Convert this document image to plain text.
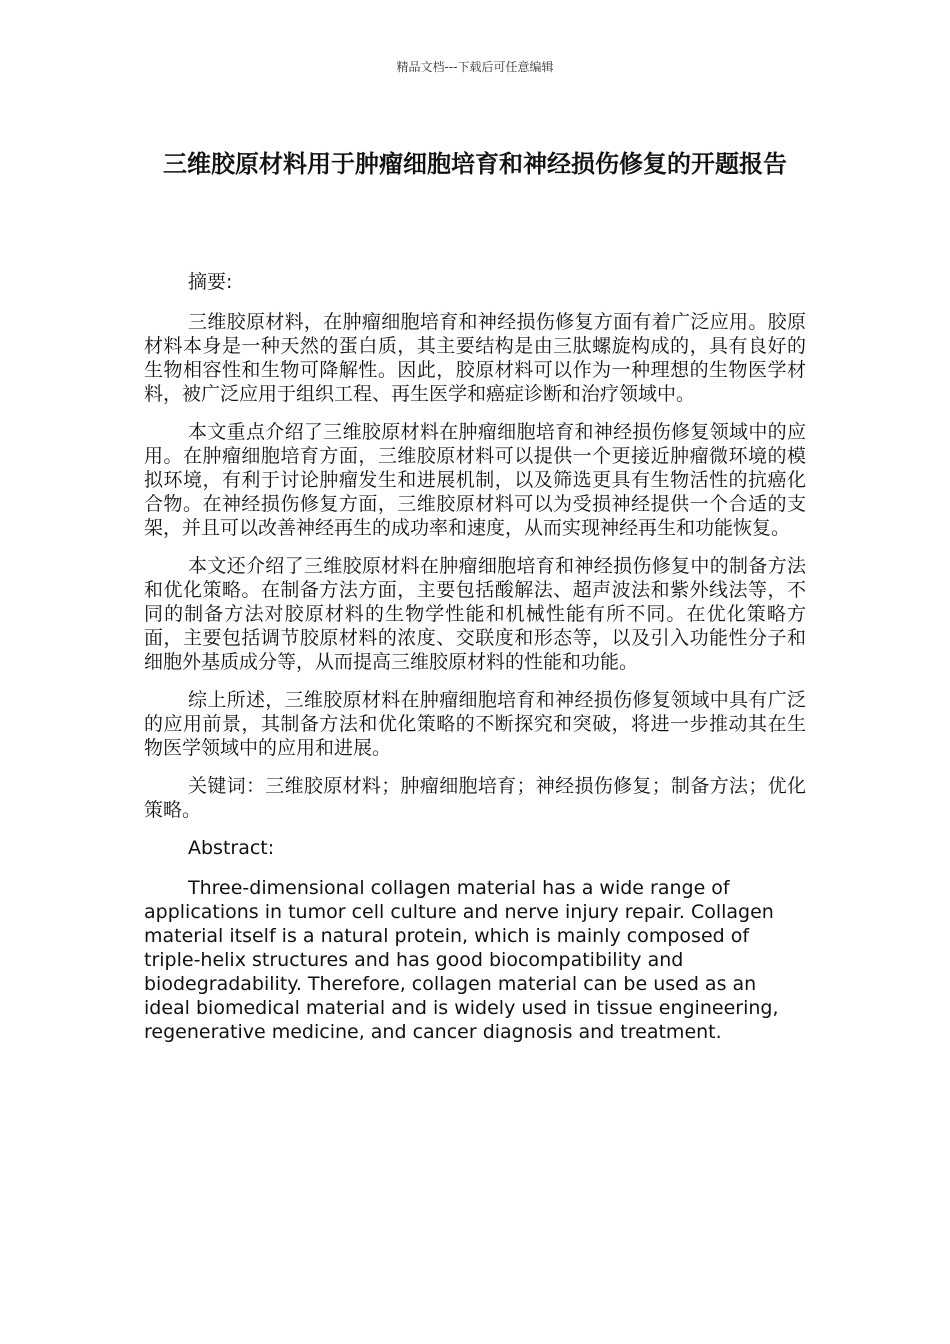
精品文档---下载后可任意编辑
三维胶原材料用于肿瘤细胞培育和神经损伤修复的开题报告

摘要:

三维胶原材料，在肿瘤细胞培育和神经损伤修复方面有着广泛应用。胶原材料本身是一种天然的蛋白质，其主要结构是由三肽螺旋构成的，具有良好的生物相容性和生物可降解性。因此，胶原材料可以作为一种理想的生物医学材料，被广泛应用于组织工程、再生医学和癌症诊断和治疗领域中。

本文重点介绍了三维胶原材料在肿瘤细胞培育和神经损伤修复领域中的应用。在肿瘤细胞培育方面，三维胶原材料可以提供一个更接近肿瘤微环境的模拟环境，有利于讨论肿瘤发生和进展机制，以及筛选更具有生物活性的抗癌化合物。在神经损伤修复方面，三维胶原材料可以为受损神经提供一个合适的支架，并且可以改善神经再生的成功率和速度，从而实现神经再生和功能恢复。

本文还介绍了三维胶原材料在肿瘤细胞培育和神经损伤修复中的制备方法和优化策略。在制备方法方面，主要包括酸解法、超声波法和紫外线法等，不同的制备方法对胶原材料的生物学性能和机械性能有所不同。在优化策略方面，主要包括调节胶原材料的浓度、交联度和形态等，以及引入功能性分子和细胞外基质成分等，从而提高三维胶原材料的性能和功能。

综上所述，三维胶原材料在肿瘤细胞培育和神经损伤修复领域中具有广泛的应用前景，其制备方法和优化策略的不断探究和突破，将进一步推动其在生物医学领域中的应用和进展。

关键词：三维胶原材料；肿瘤细胞培育；神经损伤修复；制备方法；优化策略。

Abstract:

Three-dimensional collagen material has a wide range of applications in tumor cell culture and nerve injury repair. Collagen material itself is a natural protein, which is mainly composed of triple-helix structures and has good biocompatibility and biodegradability. Therefore, collagen material can be used as an ideal biomedical material and is widely used in tissue engineering, regenerative medicine, and cancer diagnosis and treatment.
